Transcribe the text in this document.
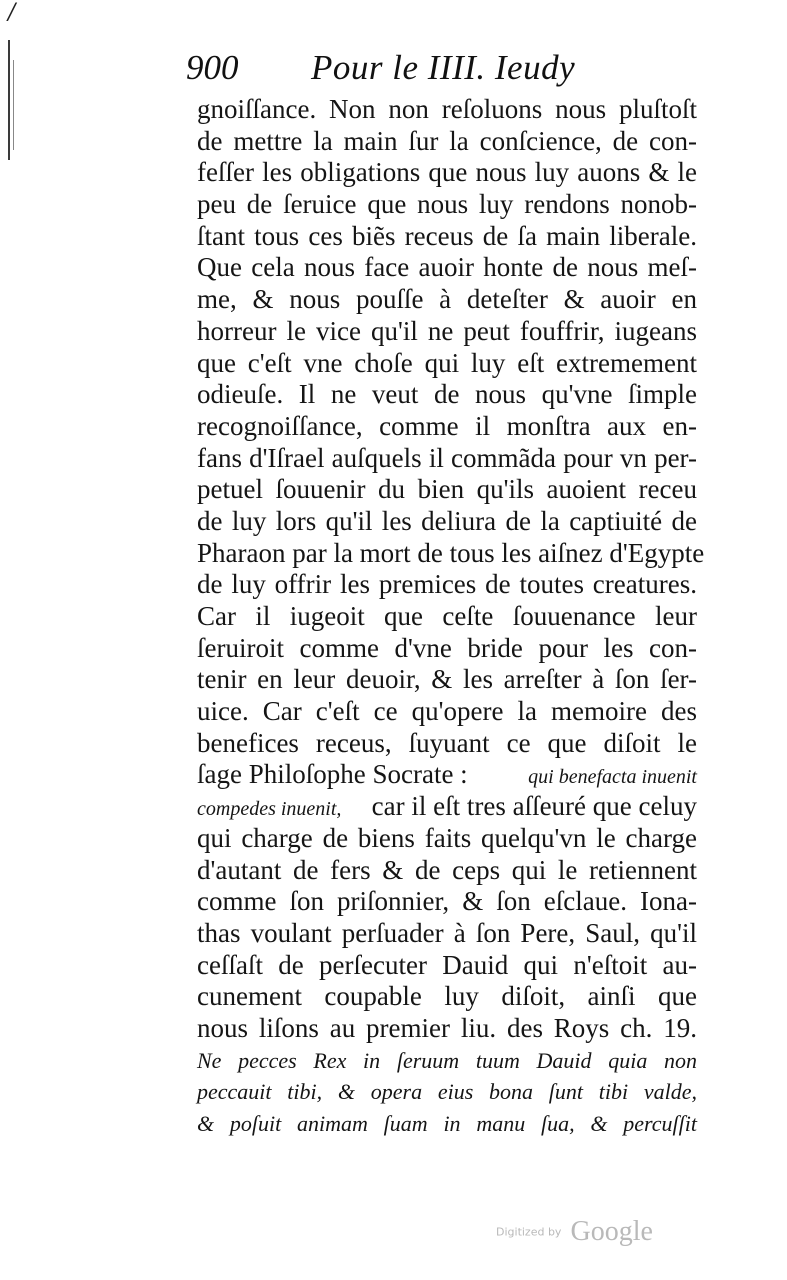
/
900 Pour le IIII. Ieudy
gnoiſſance. Non non reſoluons nous pluſtoſt
de mettre la main ſur la conſcience, de con-
feſſer les obligations que nous luy auons & le
peu de ſeruice que nous luy rendons nonob-
ſtant tous ces biẽs receus de ſa main liberale.
Que cela nous face auoir honte de nous meſ-
me, & nous pouſſe à deteſter & auoir en
horreur le vice qu'il ne peut fouffrir, iugeans
que c'eſt vne choſe qui luy eſt extremement
odieuſe. Il ne veut de nous qu'vne ſimple
recognoiſſance, comme il monſtra aux en-
fans d'Iſrael auſquels il commãda pour vn per-
petuel ſouuenir du bien qu'ils auoient receu
de luy lors qu'il les deliura de la captiuité de
Pharaon par la mort de tous les aiſnez d'Egypte
de luy offrir les premices de toutes creatures.
Car il iugeoit que ceſte ſouuenance leur
ſeruiroit comme d'vne bride pour les con-
tenir en leur deuoir, & les arreſter à ſon ſer-
uice. Car c'eſt ce qu'opere la memoire des
benefices receus, ſuyuant ce que diſoit le
ſage Philoſophe Socrate :	qui benefacta inuenit
compedes inuenit, car il eſt tres aſſeuré que celuy
qui charge de biens faits quelqu'vn le charge
d'autant de fers & de ceps qui le retiennent
comme ſon priſonnier, & ſon eſclaue. Iona-
thas voulant perſuader à ſon Pere, Saul, qu'il
ceſſaſt de perſecuter Dauid qui n'eſtoit au-
cunement coupable luy diſoit, ainſi que
nous liſons au premier liu. des Roys ch. 19.
Ne pecces Rex in ſeruum tuum Dauid quia non
peccauit tibi, & opera eius bona ſunt tibi valde,
& poſuit animam ſuam in manu ſua, & percuſſit
Digitized by Google
